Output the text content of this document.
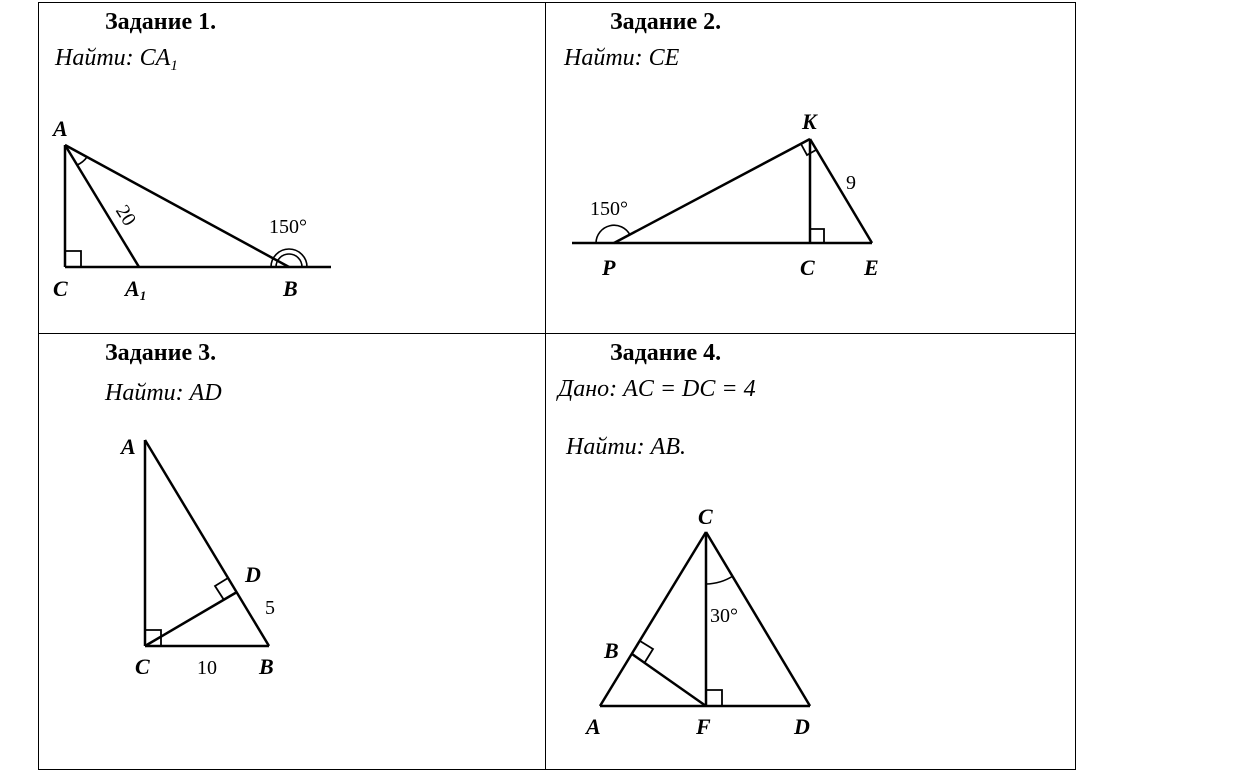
Задание 1.
Найти: $CA_1$
A
C	A1	B
20	150°
Задание 2.
Найти: CE
K
P	C E
9
150°
Задание 3.
Найти: AD
A
D
C	B
5
10
Задание 4.
Дано: AC = DC = 4
Найти: AB.
C
B
A	F	D
30°
